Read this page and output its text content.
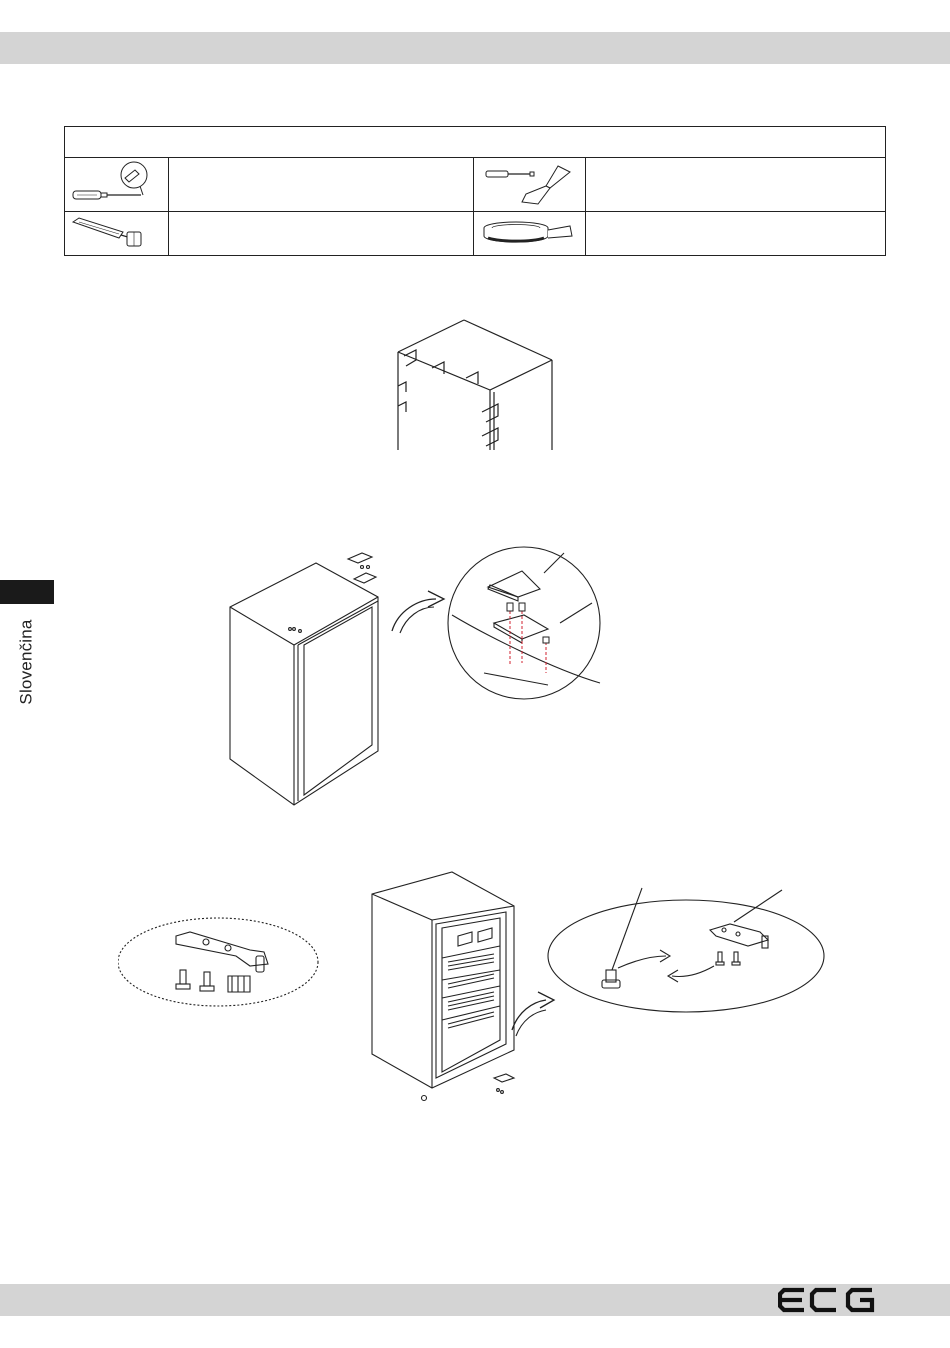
Slovenčina
